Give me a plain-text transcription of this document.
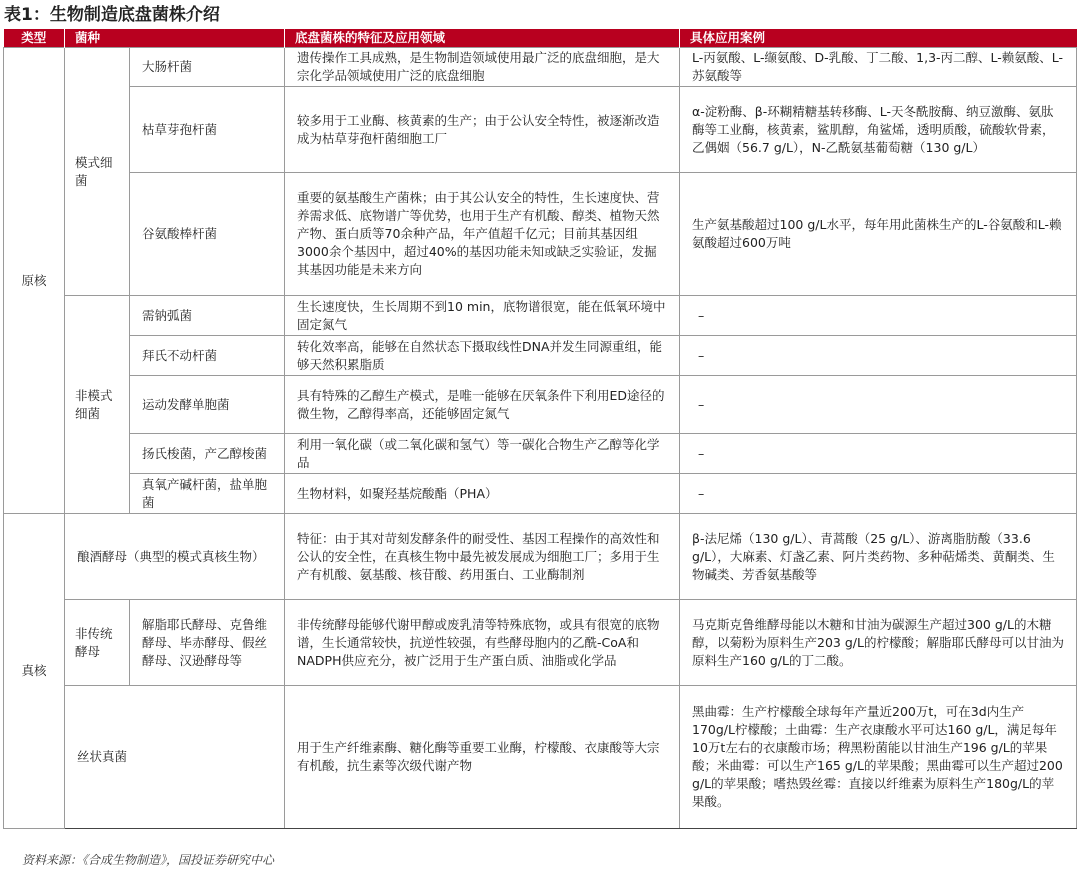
表1：生物制造底盘菌株介绍
类型	菌种		底盘菌株的特征及应用领域	具体应用案例
原核	模式细菌	大肠杆菌	遗传操作工具成熟，是生物制造领域使用最广泛的底盘细胞，是大宗化学品领域使用广泛的底盘细胞	L-丙氨酸、L-缬氨酸、D-乳酸、丁二酸、1,3-丙二醇、L-赖氨酸、L-苏氨酸等
		枯草芽孢杆菌	较多用于工业酶、核黄素的生产；由于公认安全特性，被逐渐改造成为枯草芽孢杆菌细胞工厂	α-淀粉酶、β-环糊精糖基转移酶、L-天冬酰胺酶、纳豆激酶、氨肽酶等工业酶，核黄素，鲨肌醇，角鲨烯，透明质酸，硫酸软骨素，乙偶姻（56.7 g/L），N-乙酰氨基葡萄糖（130 g/L）
		谷氨酸棒杆菌	重要的氨基酸生产菌株；由于其公认安全的特性，生长速度快、营养需求低、底物谱广等优势，也用于生产有机酸、醇类、植物天然产物、蛋白质等70余种产品，年产值超千亿元；目前其基因组3000余个基因中，超过40%的基因功能未知或缺乏实验证，发掘其基因功能是未来方向	生产氨基酸超过100 g/L水平，每年用此菌株生产的L-谷氨酸和L-赖氨酸超过600万吨
	非模式细菌	需钠弧菌	生长速度快，生长周期不到10 min，底物谱很宽，能在低氧环境中固定氮气	–
		拜氏不动杆菌	转化效率高，能够在自然状态下摄取线性DNA并发生同源重组，能够天然积累脂质	–
		运动发酵单胞菌	具有特殊的乙醇生产模式，是唯一能够在厌氧条件下利用ED途径的微生物，乙醇得率高，还能够固定氮气	–
		扬氏梭菌，产乙醇梭菌	利用一氧化碳（或二氧化碳和氢气）等一碳化合物生产乙醇等化学品	–
		真氧产碱杆菌，盐单胞菌	生物材料，如聚羟基烷酸酯（PHA）	–
真核	酿酒酵母（典型的模式真核生物）		特征：由于其对苛刻发酵条件的耐受性、基因工程操作的高效性和公认的安全性，在真核生物中最先被发展成为细胞工厂；多用于生产有机酸、氨基酸、核苷酸、药用蛋白、工业酶制剂	β-法尼烯（130 g/L）、青蒿酸（25 g/L）、游离脂肪酸（33.6 g/L），大麻素、灯盏乙素、阿片类药物、多种萜烯类、黄酮类、生物碱类、芳香氨基酸等
	非传统酵母	解脂耶氏酵母、克鲁维酵母、毕赤酵母、假丝酵母、汉逊酵母等	非传统酵母能够代谢甲醇或废乳清等特殊底物，或具有很宽的底物谱，生长通常较快，抗逆性较强，有些酵母胞内的乙酰-CoA和NADPH供应充分，被广泛用于生产蛋白质、油脂或化学品	马克斯克鲁维酵母能以木糖和甘油为碳源生产超过300 g/L的木糖醇，以菊粉为原料生产203 g/L的柠檬酸；解脂耶氏酵母可以甘油为原料生产160 g/L的丁二酸。
	丝状真菌		用于生产纤维素酶、糖化酶等重要工业酶，柠檬酸、衣康酸等大宗有机酸，抗生素等次级代谢产物	黑曲霉：生产柠檬酸全球每年产量近200万t，可在3d内生产170g/L柠檬酸；土曲霉：生产衣康酸水平可达160 g/L，满足每年10万t左右的衣康酸市场；稗黑粉菌能以甘油生产196 g/L的苹果酸；米曲霉：可以生产165 g/L的苹果酸；黑曲霉可以生产超过200 g/L的苹果酸；嗜热毁丝霉：直接以纤维素为原料生产180g/L的苹果酸。
资料来源：《合成生物制造》，国投证券研究中心
